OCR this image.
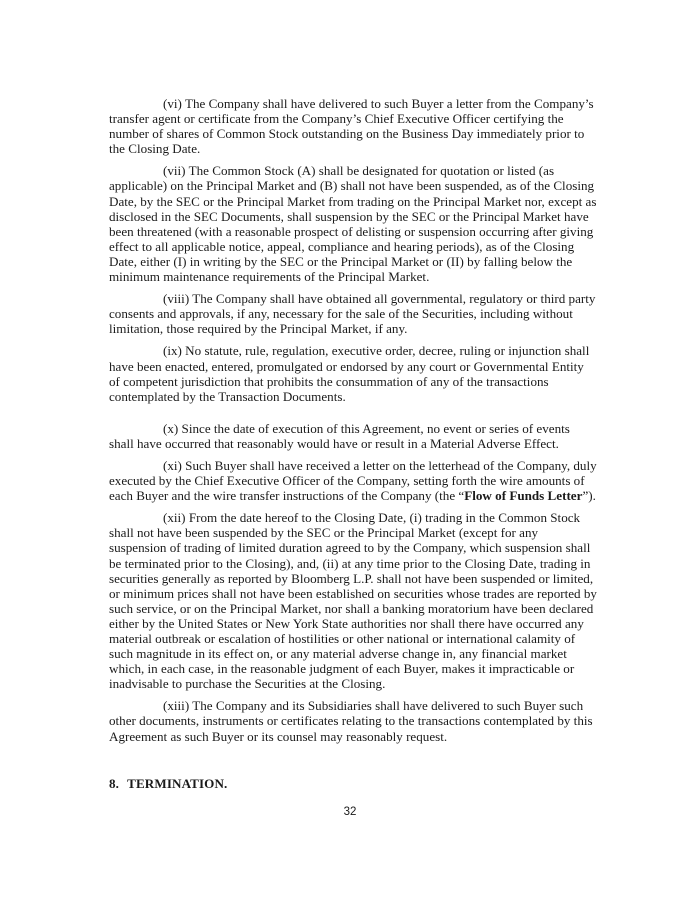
(vi) The Company shall have delivered to such Buyer a letter from the Company’s transfer agent or certificate from the Company’s Chief Executive Officer certifying the number of shares of Common Stock outstanding on the Business Day immediately prior to the Closing Date.

(vii) The Common Stock (A) shall be designated for quotation or listed (as applicable) on the Principal Market and (B) shall not have been suspended, as of the Closing Date, by the SEC or the Principal Market from trading on the Principal Market nor, except as disclosed in the SEC Documents, shall suspension by the SEC or the Principal Market have been threatened (with a reasonable prospect of delisting or suspension occurring after giving effect to all applicable notice, appeal, compliance and hearing periods), as of the Closing Date, either (I) in writing by the SEC or the Principal Market or (II) by falling below the minimum maintenance requirements of the Principal Market.

(viii) The Company shall have obtained all governmental, regulatory or third party consents and approvals, if any, necessary for the sale of the Securities, including without limitation, those required by the Principal Market, if any.

(ix) No statute, rule, regulation, executive order, decree, ruling or injunction shall have been enacted, entered, promulgated or endorsed by any court or Governmental Entity of competent jurisdiction that prohibits the consummation of any of the transactions contemplated by the Transaction Documents.

(x) Since the date of execution of this Agreement, no event or series of events shall have occurred that reasonably would have or result in a Material Adverse Effect.

(xi) Such Buyer shall have received a letter on the letterhead of the Company, duly executed by the Chief Executive Officer of the Company, setting forth the wire amounts of each Buyer and the wire transfer instructions of the Company (the “Flow of Funds Letter”).

(xii) From the date hereof to the Closing Date, (i) trading in the Common Stock shall not have been suspended by the SEC or the Principal Market (except for any suspension of trading of limited duration agreed to by the Company, which suspension shall be terminated prior to the Closing), and, (ii) at any time prior to the Closing Date, trading in securities generally as reported by Bloomberg L.P. shall not have been suspended or limited, or minimum prices shall not have been established on securities whose trades are reported by such service, or on the Principal Market, nor shall a banking moratorium have been declared either by the United States or New York State authorities nor shall there have occurred any material outbreak or escalation of hostilities or other national or international calamity of such magnitude in its effect on, or any material adverse change in, any financial market which, in each case, in the reasonable judgment of each Buyer, makes it impracticable or inadvisable to purchase the Securities at the Closing.

(xiii) The Company and its Subsidiaries shall have delivered to such Buyer such other documents, instruments or certificates relating to the transactions contemplated by this Agreement as such Buyer or its counsel may reasonably request.

8. TERMINATION.
32
